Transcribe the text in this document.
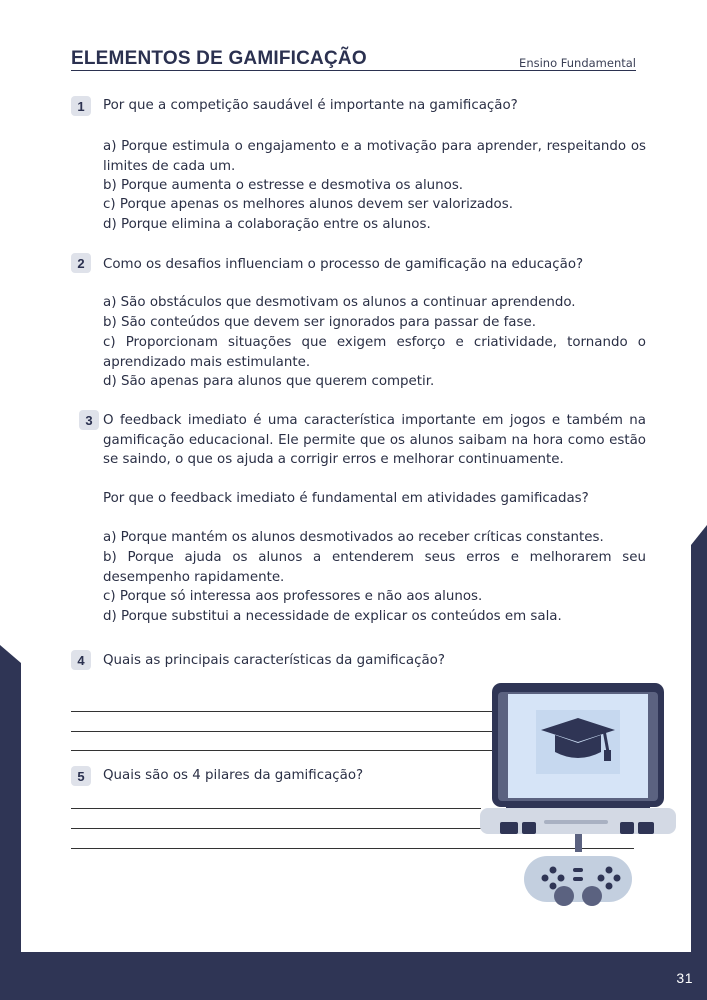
31
ELEMENTOS DE GAMIFICAÇÃO	Ensino Fundamental
1	Por que a competição saudável é importante na gamificação?
a) Porque estimula o engajamento e a motivação para aprender, respeitando os limites de cada um.
b) Porque aumenta o estresse e desmotiva os alunos.
c) Porque apenas os melhores alunos devem ser valorizados.
d) Porque elimina a colaboração entre os alunos.
2	Como os desafios influenciam o processo de gamificação na educação?
a) São obstáculos que desmotivam os alunos a continuar aprendendo.
b) São conteúdos que devem ser ignorados para passar de fase.
c) Proporcionam situações que exigem esforço e criatividade, tornando o aprendizado mais estimulante.
d) São apenas para alunos que querem competir.
3 O feedback imediato é uma característica importante em jogos e também na gamificação educacional. Ele permite que os alunos saibam na hora como estão se saindo, o que os ajuda a corrigir erros e melhorar continuamente.
Por que o feedback imediato é fundamental em atividades gamificadas?
a) Porque mantém os alunos desmotivados ao receber críticas constantes.
b) Porque ajuda os alunos a entenderem seus erros e melhorarem seu desempenho rapidamente.
c) Porque só interessa aos professores e não aos alunos.
d) Porque substitui a necessidade de explicar os conteúdos em sala.
4	Quais as principais características da gamificação?
5	Quais são os 4 pilares da gamificação?
